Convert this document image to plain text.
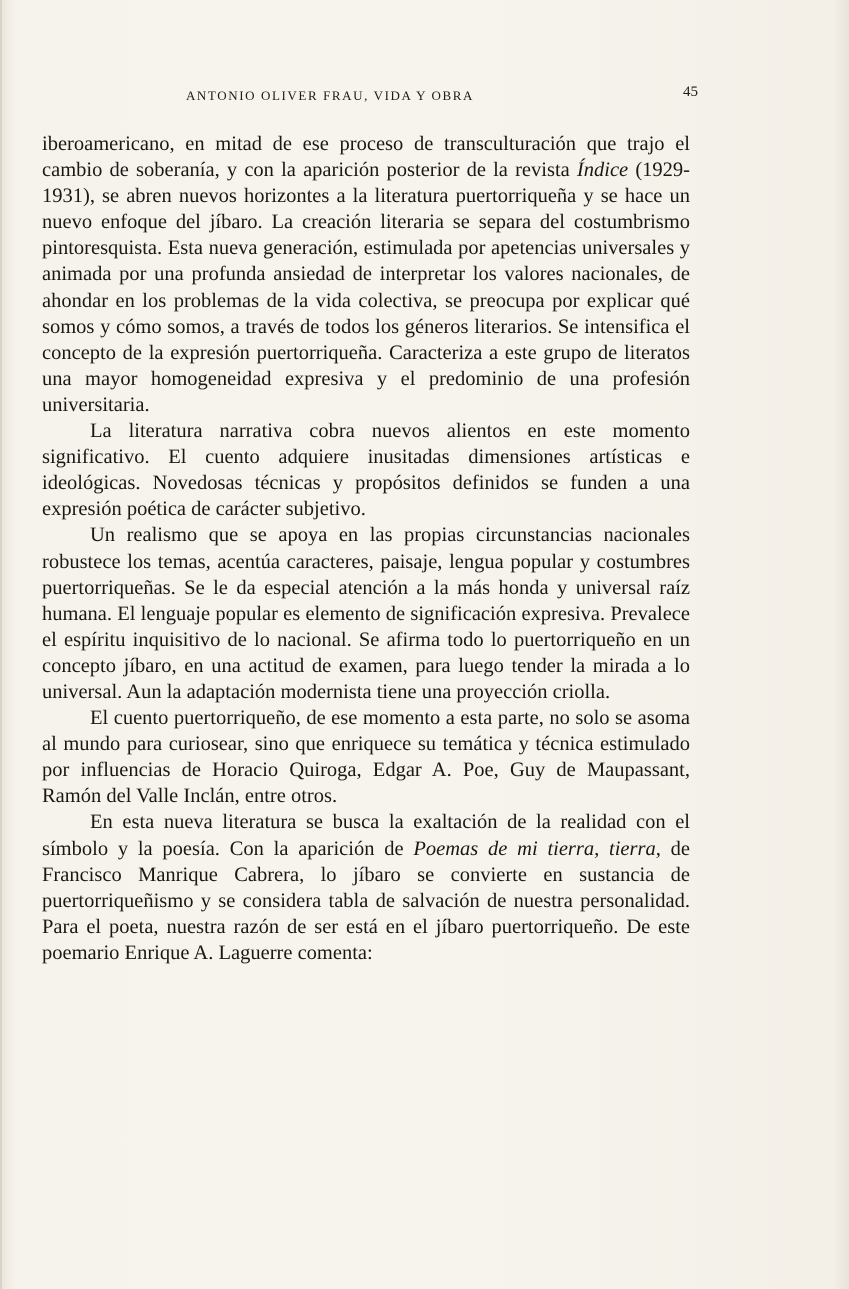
ANTONIO OLIVER FRAU, VIDA Y OBRA	45

iberoamericano, en mitad de ese proceso de transculturación que trajo el cambio de soberanía, y con la aparición posterior de la revista Índice (1929-1931), se abren nuevos horizontes a la literatura puertorriqueña y se hace un nuevo enfoque del jíbaro. La creación literaria se separa del costumbrismo pintoresquista. Esta nueva generación, estimulada por apetencias universales y animada por una profunda ansiedad de interpretar los valores nacionales, de ahondar en los problemas de la vida colectiva, se preocupa por explicar qué somos y cómo somos, a través de todos los géneros literarios. Se intensifica el concepto de la expresión puertorriqueña. Caracteriza a este grupo de literatos una mayor homogeneidad expresiva y el predominio de una profesión universitaria.

La literatura narrativa cobra nuevos alientos en este momento significativo. El cuento adquiere inusitadas dimensiones artísticas e ideológicas. Novedosas técnicas y propósitos definidos se funden a una expresión poética de carácter subjetivo.

Un realismo que se apoya en las propias circunstancias nacionales robustece los temas, acentúa caracteres, paisaje, lengua popular y costumbres puertorriqueñas. Se le da especial atención a la más honda y universal raíz humana. El lenguaje popular es elemento de significación expresiva. Prevalece el espíritu inquisitivo de lo nacional. Se afirma todo lo puertorriqueño en un concepto jíbaro, en una actitud de examen, para luego tender la mirada a lo universal. Aun la adaptación modernista tiene una proyección criolla.

El cuento puertorriqueño, de ese momento a esta parte, no solo se asoma al mundo para curiosear, sino que enriquece su temática y técnica estimulado por influencias de Horacio Quiroga, Edgar A. Poe, Guy de Maupassant, Ramón del Valle Inclán, entre otros.

En esta nueva literatura se busca la exaltación de la realidad con el símbolo y la poesía. Con la aparición de Poemas de mi tierra, tierra, de Francisco Manrique Cabrera, lo jíbaro se convierte en sustancia de puertorriqueñismo y se considera tabla de salvación de nuestra personalidad. Para el poeta, nuestra razón de ser está en el jíbaro puertorriqueño. De este poemario Enrique A. Laguerre comenta:
